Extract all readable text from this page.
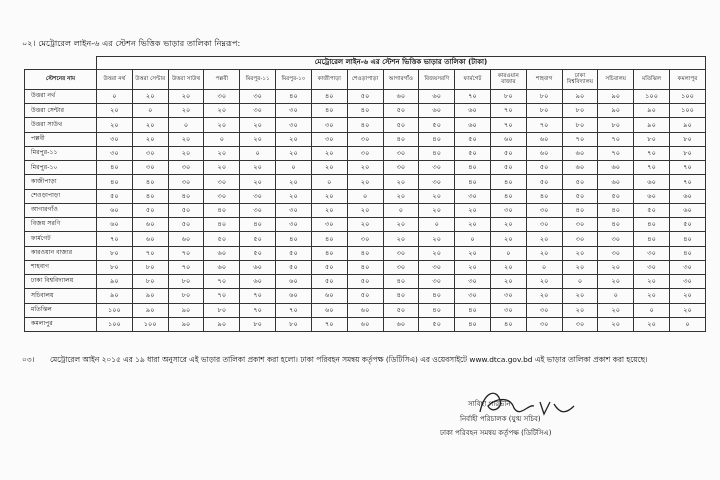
০২। মেট্রোরেল লাইন-৬ এর স্টেশন ভিত্তিক ভাড়ার তালিকা নিম্নরূপ:
	মেট্রোরেল লাইন-৬ এর স্টেশন ভিত্তিক ভাড়ার তালিকা (টাকা)																
স্টেশনের নাম	উত্তরা নর্থ	উত্তরা সেন্টার	উত্তরা সাউথ	পল্লবী	মিরপুর-১১	মিরপুর-১০	কাজীপাড়া	শেওড়াপাড়া	আগারগাঁও	বিজয়সরণি	ফার্মগেট	কারওয়ান বাজার	শাহবাগ	ঢাকা বিশ্ববিদ্যালয়	সচিবালয়	মতিঝিল	কমলাপুর
উত্তরা নর্থ	০	২০	২০	৩০	৩০	৪০	৪০	৫০	৬০	৬০	৭০	৮০	৮০	৯০	৯০	১০০	১০০
উত্তরা সেন্টার	২০	০	২০	২০	৩০	৩০	৪০	৪০	৫০	৬০	৬০	৭০	৮০	৮০	৯০	৯০	১০০
উত্তরা সাউথ	২০	২০	০	২০	২০	৩০	৩০	৪০	৫০	৫০	৬০	৭০	৭০	৮০	৮০	৯০	৯০
পল্লবী	৩০	২০	২০	০	২০	২০	৩০	৩০	৪০	৪০	৫০	৬০	৬০	৭০	৭০	৮০	৮০
মিরপুর-১১	৩০	৩০	২০	২০	০	২০	২০	৩০	৩০	৪০	৫০	৫০	৬০	৬০	৭০	৭০	৮০
মিরপুর-১০	৪০	৩০	৩০	২০	২০	০	২০	২০	৩০	৩০	৪০	৫০	৫০	৬০	৬০	৭০	৭০
কাজীপাড়া	৪০	৪০	৩০	৩০	২০	২০	০	২০	২০	৩০	৪০	৪০	৫০	৫০	৬০	৬০	৭০
শেওড়াপাড়া	৫০	৪০	৪০	৩০	৩০	২০	২০	০	২০	২০	৩০	৪০	৪০	৫০	৫০	৬০	৬০
আগারগাঁও	৬০	৫০	৫০	৪০	৩০	৩০	২০	২০	০	২০	২০	৩০	৩০	৪০	৪০	৫০	৬০
বিজয় সরণি	৬০	৬০	৫০	৪০	৪০	৩০	৩০	২০	২০	০	২০	২০	৩০	৩০	৪০	৪০	৫০
ফার্মগেট	৭০	৬০	৬০	৫০	৫০	৪০	৪০	৩০	২০	২০	০	২০	২০	৩০	৩০	৪০	৪০
কারওয়ান বাজার	৮০	৭০	৭০	৬০	৫০	৫০	৪০	৪০	৩০	২০	২০	০	২০	২০	৩০	৩০	৪০
শাহবাগ	৮০	৮০	৭০	৬০	৬০	৫০	৫০	৪০	৩০	৩০	২০	২০	০	২০	২০	৩০	৩০
ঢাকা বিশ্ববিদ্যালয়	৯০	৮০	৮০	৭০	৬০	৬০	৫০	৫০	৪০	৩০	৩০	২০	২০	০	২০	২০	৩০
সচিবালয়	৯০	৯০	৮০	৭০	৭০	৬০	৬০	৫০	৪০	৪০	৩০	৩০	২০	২০	০	২০	২০
মতিঝিল	১০০	৯০	৯০	৮০	৭০	৭০	৬০	৬০	৫০	৪০	৪০	৩০	৩০	২০	২০	০	২০
কমলাপুর	১০০	১০০	৯০	৯০	৮০	৮০	৭০	৬০	৬০	৫০	৪০	৪০	৩০	৩০	২০	২০	০
০৩। মেট্রোরেল আইন ২০১৫ এর ১৯ ধারা অনুসারে এই ভাড়ার তালিকা প্রকাশ করা হলো। ঢাকা পরিবহন সমন্বয় কর্তৃপক্ষ (ডিটিসিএ) এর ওয়েবসাইটে www.dtca.gov.bd এই ভাড়ার তালিকা প্রকাশ করা হয়েছে।
সাবিহা পারভীন
নির্বাহী পরিচালক (যুগ্ম সচিব)
ঢাকা পরিবহন সমন্বয় কর্তৃপক্ষ (ডিটিসিএ)
